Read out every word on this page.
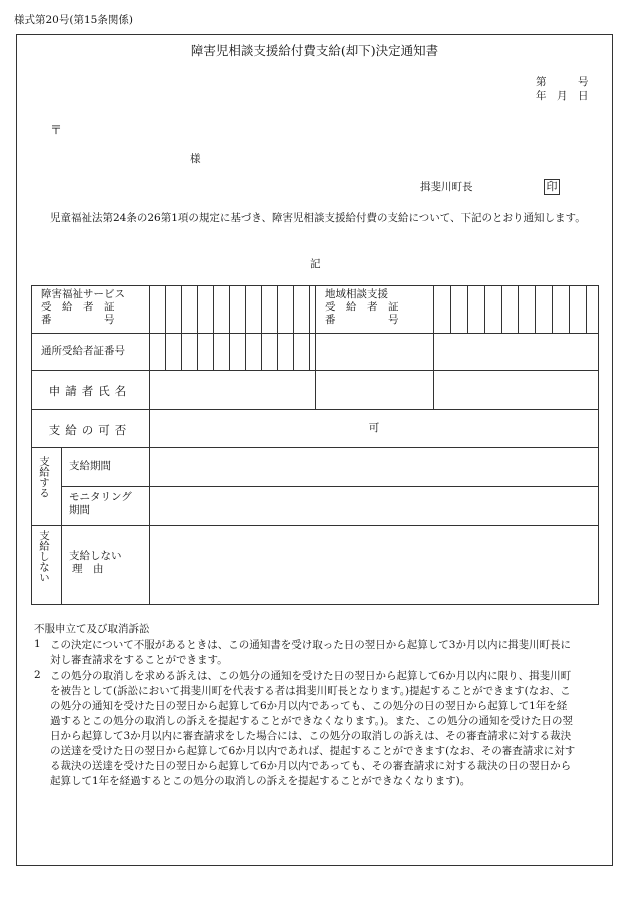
様式第20号(第15条関係)
障害児相談支援給付費支給(却下)決定通知書
第　　　号
年　月　日
〒
様
揖斐川町長	印
児童福祉法第24条の26第1項の規定に基づき、障害児相談支援給付費の支給について、下記のとおり通知します。
記
障害福祉サービス
受　給　者　証
番　　　　　号
地域相談支援
受　給　者　証
番　　　　　号
通所受給者証番号
申請者氏名
支給の可否	可
支給する 支給期間
モニタリング
期間
支給しない 支給しない
理　由
不服申立て及び取消訴訟
1 この決定について不服があるときは、この通知書を受け取った日の翌日から起算して3か月以内に揖斐川町長に対し審査請求をすることができます。
2 この処分の取消しを求める訴えは、この処分の通知を受けた日の翌日から起算して6か月以内に限り、揖斐川町を被告として(訴訟において揖斐川町を代表する者は揖斐川町長となります。)提起することができます(なお、この処分の通知を受けた日の翌日から起算して6か月以内であっても、この処分の日の翌日から起算して1年を経過するとこの処分の取消しの訴えを提起することができなくなります。)。また、この処分の通知を受けた日の翌日から起算して3か月以内に審査請求をした場合には、この処分の取消しの訴えは、その審査請求に対する裁決の送達を受けた日の翌日から起算して6か月以内であれば、提起することができます(なお、その審査請求に対する裁決の送達を受けた日の翌日から起算して6か月以内であっても、その審査請求に対する裁決の日の翌日から起算して1年を経過するとこの処分の取消しの訴えを提起することができなくなります)。
